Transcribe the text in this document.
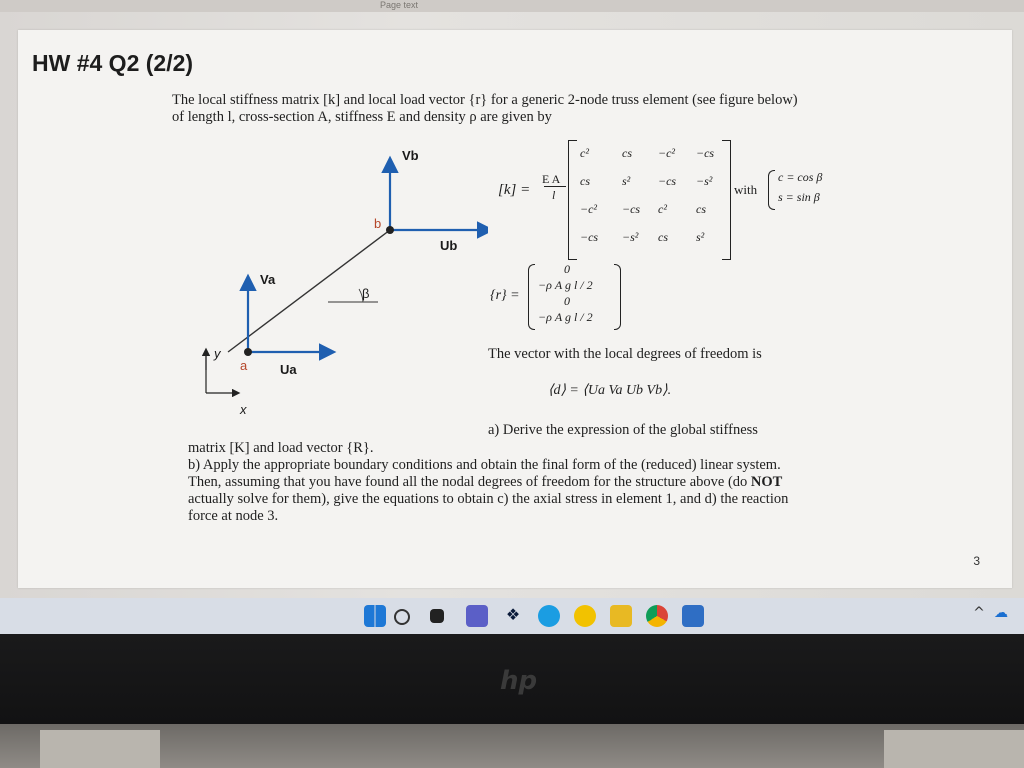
Page text
HW #4 Q2 (2/2)
The local stiffness matrix [k] and local load vector {r} for a generic 2-node truss element (see figure below) of length l, cross-section A, stiffness E and density ρ are given by
Vb
Ub
Va
Ua
b
a
β
y
x
[k] =
E A
l
c²	cs −c² −cs
cs	s² −cs −s²
−c² −cs c² cs
−cs −s² cs s²
with
c = cos β
s = sin β
{r} =
0
−ρ A g l / 2
0
−ρ A g l / 2
The vector with the local degrees of freedom is
⟨d⟩ = ⟨Ua Va Ub Vb⟩.
a) Derive the expression of the global stiffness
matrix [K] and load vector {R}.
b) Apply the appropriate boundary conditions and obtain the final form of the (reduced) linear system.
Then, assuming that you have found all the nodal degrees of freedom for the structure above (do NOT actually solve for them), give the equations to obtain c) the axial stress in element 1, and d) the reaction force at node 3.
3
❖	^ ☁
hp
